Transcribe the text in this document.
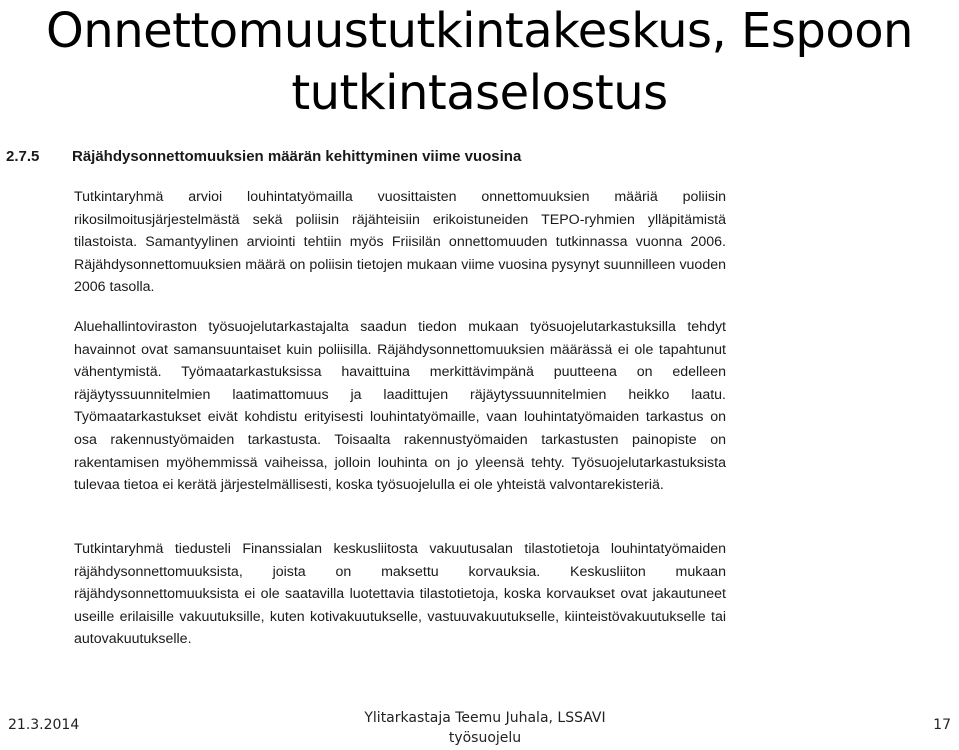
Onnettomuustutkintakeskus, Espoon
tutkintaselostus
2.7.5 Räjähdysonnettomuuksien määrän kehittyminen viime vuosina

Tutkintaryhmä arvioi louhintatyömailla vuosittaisten onnettomuuksien määriä poliisin rikosilmoitusjärjestelmästä sekä poliisin räjähteisiin erikoistuneiden TEPO-ryhmien ylläpitämistä tilastoista. Samantyylinen arviointi tehtiin myös Friisilän onnettomuuden tutkinnassa vuonna 2006. Räjähdysonnettomuuksien määrä on poliisin tietojen mukaan viime vuosina pysynyt suunnilleen vuoden 2006 tasolla.

Aluehallintoviraston työsuojelutarkastajalta saadun tiedon mukaan työsuojelutarkastuksilla tehdyt havainnot ovat samansuuntaiset kuin poliisilla. Räjähdysonnettomuuksien määrässä ei ole tapahtunut vähentymistä. Työmaatarkastuksissa havaittuina merkittävimpänä puutteena on edelleen räjäytyssuunnitelmien laatimattomuus ja laadittujen räjäytyssuunnitelmien heikko laatu. Työmaatarkastukset eivät kohdistu erityisesti louhintatyömaille, vaan louhintatyömaiden tarkastus on osa rakennustyömaiden tarkastusta. Toisaalta rakennustyömaiden tarkastusten painopiste on rakentamisen myöhemmissä vaiheissa, jolloin louhinta on jo yleensä tehty. Työsuojelutarkastuksista tulevaa tietoa ei kerätä järjestelmällisesti, koska työsuojelulla ei ole yhteistä valvontarekisteriä.

Tutkintaryhmä tiedusteli Finanssialan keskusliitosta vakuutusalan tilastotietoja louhintatyömaiden räjähdysonnettomuuksista, joista on maksettu korvauksia. Keskusliiton mukaan räjähdysonnettomuuksista ei ole saatavilla luotettavia tilastotietoja, koska korvaukset ovat jakautuneet useille erilaisille vakuutuksille, kuten kotivakuutukselle, vastuuvakuutukselle, kiinteistövakuutukselle tai autovakuutukselle.

21.3.2014	Ylitarkastaja Teemu Juhala, LSSAVI
työsuojelu
17
